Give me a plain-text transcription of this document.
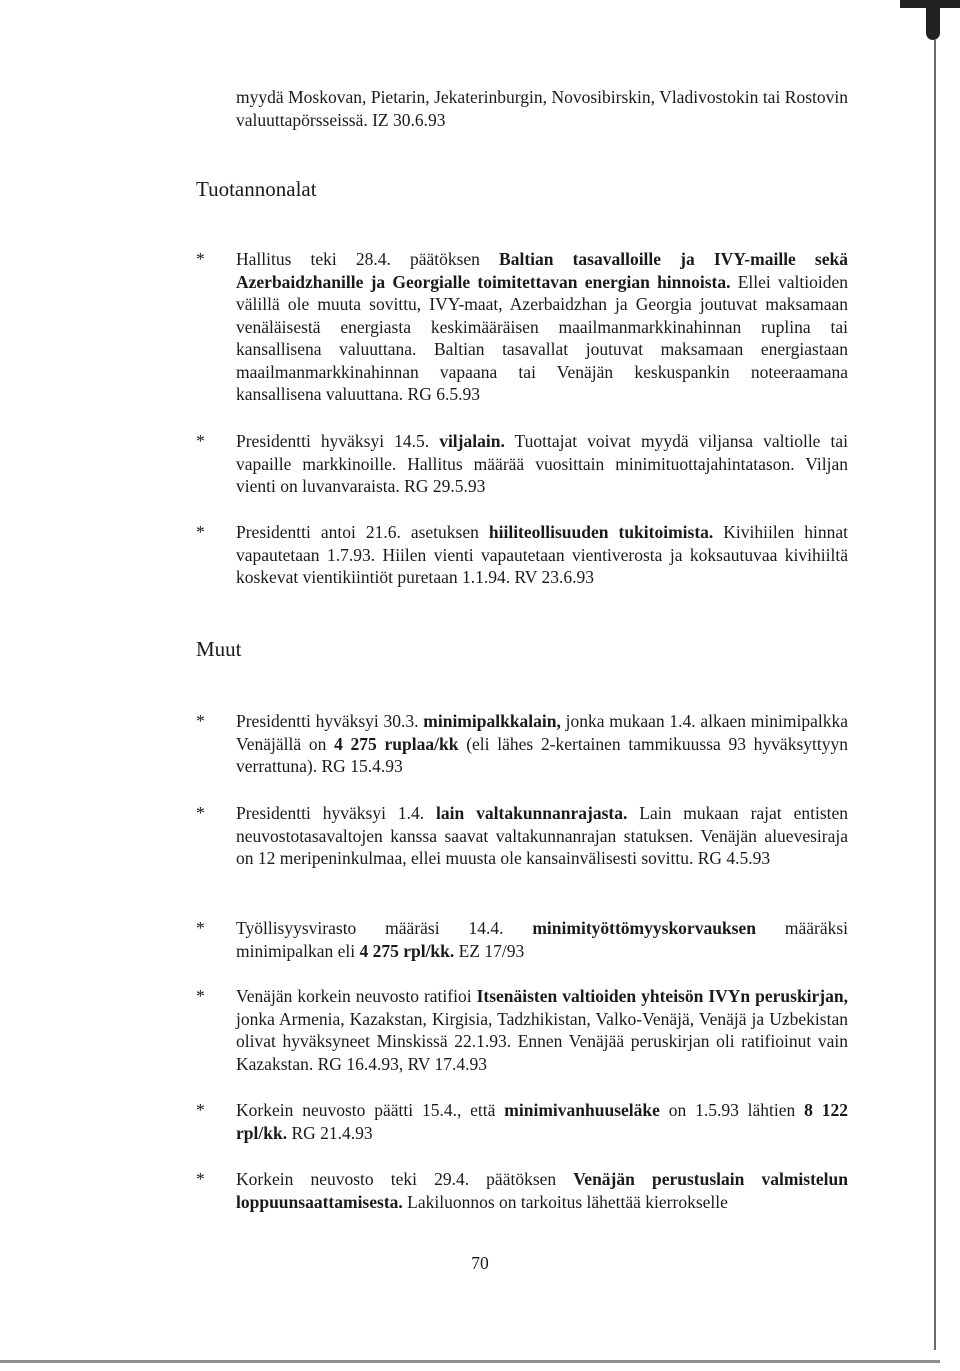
myydä Moskovan, Pietarin, Jekaterinburgin, Novosibirskin, Vladivostokin tai Rostovin valuuttapörsseissä. IZ 30.6.93
Tuotannonalat
* Hallitus teki 28.4. päätöksen Baltian tasavalloille ja IVY-maille sekä Azerbaidzhanille ja Georgialle toimitettavan energian hinnoista. Ellei valtioiden välillä ole muuta sovittu, IVY-maat, Azerbaidzhan ja Georgia joutuvat maksamaan venäläisestä energiasta keskimääräisen maailmanmarkkinahinnan ruplina tai kansallisena valuuttana. Baltian tasavallat joutuvat maksamaan energiastaan maailmanmarkkinahinnan vapaana tai Venäjän keskuspankin noteeraamana kansallisena valuuttana. RG 6.5.93
* Presidentti hyväksyi 14.5. viljalain. Tuottajat voivat myydä viljansa valtiolle tai vapaille markkinoille. Hallitus määrää vuosittain minimituottajahintatason. Viljan vienti on luvanvaraista. RG 29.5.93
* Presidentti antoi 21.6. asetuksen hiiliteollisuuden tukitoimista. Kivihiilen hinnat vapautetaan 1.7.93. Hiilen vienti vapautetaan vientiverosta ja koksautuvaa kivihiiltä koskevat vientikiintiöt puretaan 1.1.94. RV 23.6.93
Muut
* Presidentti hyväksyi 30.3. minimipalkkalain, jonka mukaan 1.4. alkaen minimipalkka Venäjällä on 4 275 ruplaa/kk (eli lähes 2-kertainen tammikuussa 93 hyväksyttyyn verrattuna). RG 15.4.93
* Presidentti hyväksyi 1.4. lain valtakunnanrajasta. Lain mukaan rajat entisten neuvostotasavaltojen kanssa saavat valtakunnanrajan statuksen. Venäjän aluevesiraja on 12 meripeninkulmaa, ellei muusta ole kansainvälisesti sovittu. RG 4.5.93
* Työllisyysvirasto määräsi 14.4. minimityöttömyyskorvauksen määräksi minimipalkan eli 4 275 rpl/kk. EZ 17/93
* Venäjän korkein neuvosto ratifioi Itsenäisten valtioiden yhteisön IVYn peruskirjan, jonka Armenia, Kazakstan, Kirgisia, Tadzhikistan, Valko-Venäjä, Venäjä ja Uzbekistan olivat hyväksyneet Minskissä 22.1.93. Ennen Venäjää peruskirjan oli ratifioinut vain Kazakstan. RG 16.4.93, RV 17.4.93
* Korkein neuvosto päätti 15.4., että minimivanhuuseläke on 1.5.93 lähtien 8 122 rpl/kk. RG 21.4.93
* Korkein neuvosto teki 29.4. päätöksen Venäjän perustuslain valmistelun loppuunsaattamisesta. Lakiluonnos on tarkoitus lähettää kierrokselle
70
